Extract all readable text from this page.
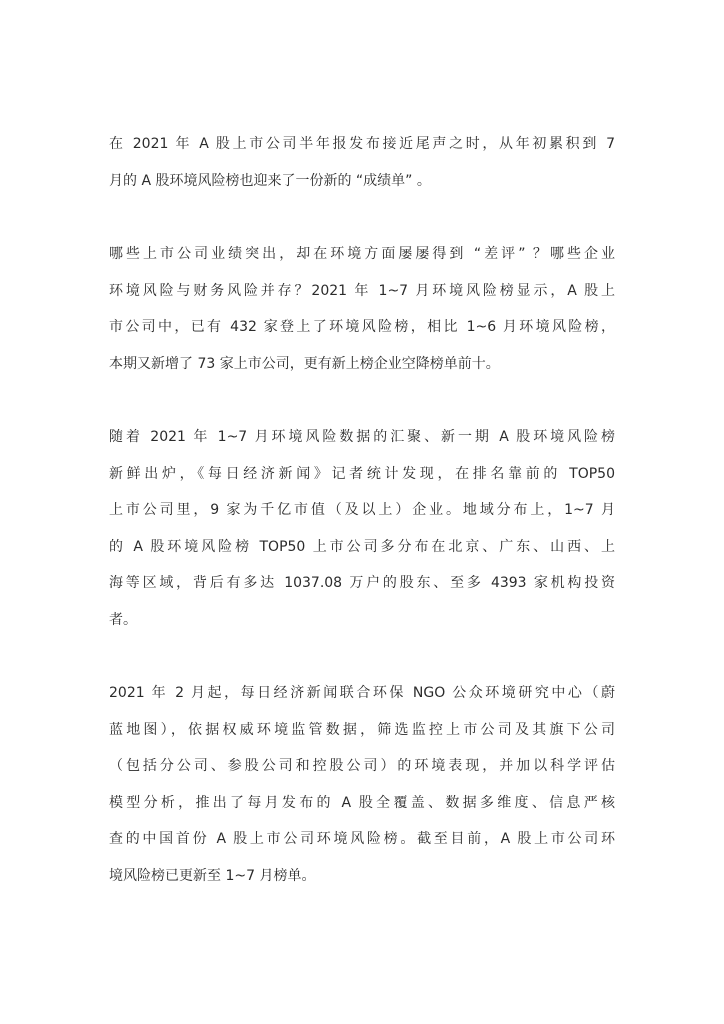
在 2021 年 A 股上市公司半年报发布接近尾声之时，从年初累积到 7
月的 A 股环境风险榜也迎来了一份新的 “成绩单” 。
哪些上市公司业绩突出，却在环境方面屡屡得到 “差评” ？哪些企业
环境风险与财务风险并存？2021 年 1~7 月环境风险榜显示，A 股上
市公司中，已有 432 家登上了环境风险榜，相比 1~6 月环境风险榜，
本期又新增了 73 家上市公司，更有新上榜企业空降榜单前十。
随着 2021 年 1~7 月环境风险数据的汇聚、新一期 A 股环境风险榜
新鲜出炉，《每日经济新闻》记者统计发现，在排名靠前的 TOP50
上市公司里，9 家为千亿市值（及以上）企业。地域分布上，1~7 月
的 A 股环境风险榜 TOP50 上市公司多分布在北京、广东、山西、上
海等区域，背后有多达 1037.08 万户的股东、至多 4393 家机构投资
者。
2021 年 2 月起，每日经济新闻联合环保 NGO 公众环境研究中心（蔚
蓝地图），依据权威环境监管数据，筛选监控上市公司及其旗下公司
（包括分公司、参股公司和控股公司）的环境表现，并加以科学评估
模型分析，推出了每月发布的 A 股全覆盖、数据多维度、信息严核
查的中国首份 A 股上市公司环境风险榜。截至目前，A 股上市公司环
境风险榜已更新至 1~7 月榜单。
